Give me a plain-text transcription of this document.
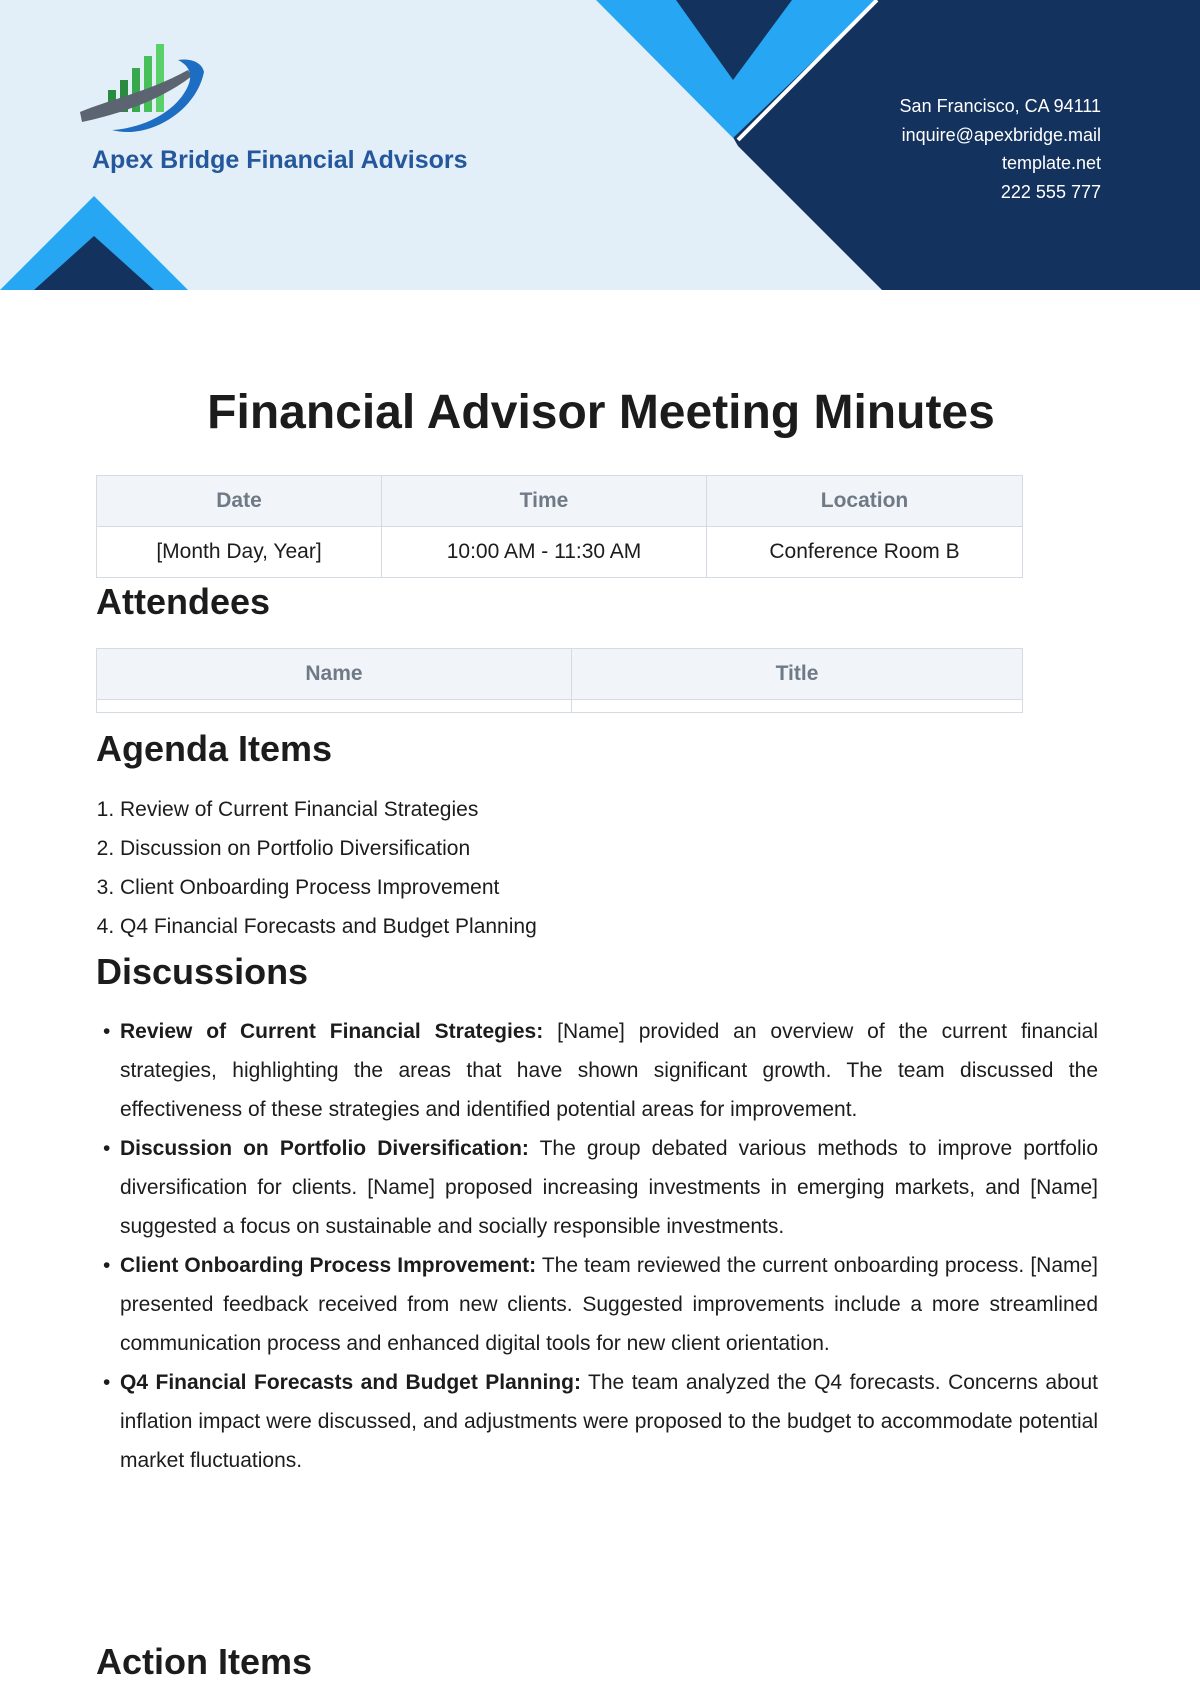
Apex Bridge Financial Advisors
San Francisco, CA 94111
inquire@apexbridge.mail
template.net
222 555 777
Financial Advisor Meeting Minutes
Date	Time	Location
[Month Day, Year]	10:00 AM - 11:30 AM	Conference Room B
Attendees
Name	Title

Agenda Items
1. Review of Current Financial Strategies
2. Discussion on Portfolio Diversification
3. Client Onboarding Process Improvement
4. Q4 Financial Forecasts and Budget Planning
Discussions
• Review of Current Financial Strategies: [Name] provided an overview of the current financial strategies, highlighting the areas that have shown significant growth. The team discussed the effectiveness of these strategies and identified potential areas for improvement.
• Discussion on Portfolio Diversification: The group debated various methods to improve portfolio diversification for clients. [Name] proposed increasing investments in emerging markets, and [Name] suggested a focus on sustainable and socially responsible investments.
• Client Onboarding Process Improvement: The team reviewed the current onboarding process. [Name] presented feedback received from new clients. Suggested improvements include a more streamlined communication process and enhanced digital tools for new client orientation.
• Q4 Financial Forecasts and Budget Planning: The team analyzed the Q4 forecasts. Concerns about inflation impact were discussed, and adjustments were proposed to the budget to accommodate potential market fluctuations.
Action Items
